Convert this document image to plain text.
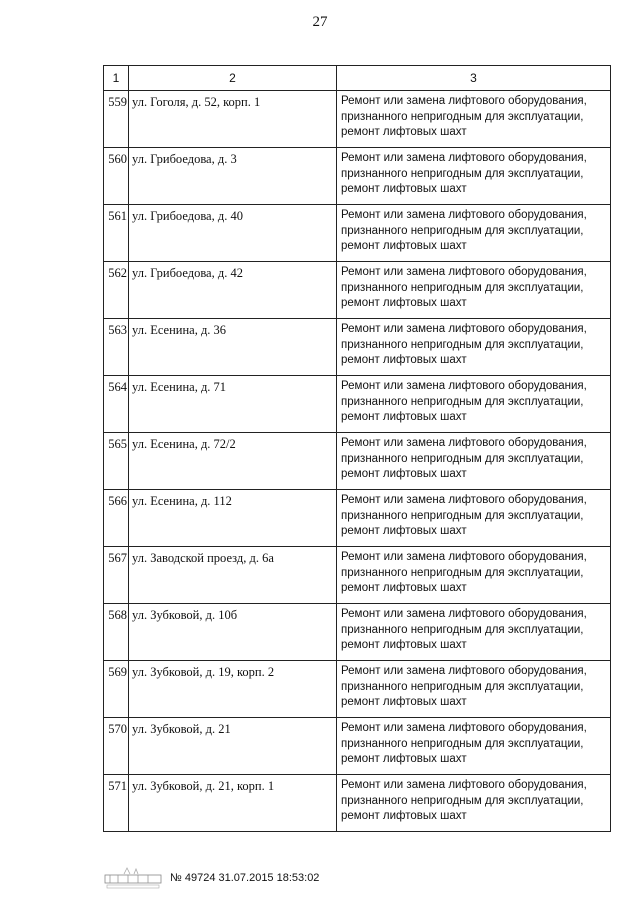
27
1	2	3
559	ул. Гоголя, д. 52, корп. 1	Ремонт или замена лифтового оборудования,
признанного непригодным для эксплуатации,
ремонт лифтовых шахт

560	ул. Грибоедова, д. 3	Ремонт или замена лифтового оборудования,
признанного непригодным для эксплуатации,
ремонт лифтовых шахт

561	ул. Грибоедова, д. 40	Ремонт или замена лифтового оборудования,
признанного непригодным для эксплуатации,
ремонт лифтовых шахт

562	ул. Грибоедова, д. 42	Ремонт или замена лифтового оборудования,
признанного непригодным для эксплуатации,
ремонт лифтовых шахт

563	ул. Есенина, д. 36	Ремонт или замена лифтового оборудования,
признанного непригодным для эксплуатации,
ремонт лифтовых шахт

564	ул. Есенина, д. 71	Ремонт или замена лифтового оборудования,
признанного непригодным для эксплуатации,
ремонт лифтовых шахт

565	ул. Есенина, д. 72/2	Ремонт или замена лифтового оборудования,
признанного непригодным для эксплуатации,
ремонт лифтовых шахт

566	ул. Есенина, д. 112	Ремонт или замена лифтового оборудования,
признанного непригодным для эксплуатации,
ремонт лифтовых шахт

567	ул. Заводской проезд, д. 6а	Ремонт или замена лифтового оборудования,
признанного непригодным для эксплуатации,
ремонт лифтовых шахт

568	ул. Зубковой, д. 10б	Ремонт или замена лифтового оборудования,
признанного непригодным для эксплуатации,
ремонт лифтовых шахт

569	ул. Зубковой, д. 19, корп. 2	Ремонт или замена лифтового оборудования,
признанного непригодным для эксплуатации,
ремонт лифтовых шахт

570	ул. Зубковой, д. 21	Ремонт или замена лифтового оборудования,
признанного непригодным для эксплуатации,
ремонт лифтовых шахт

571	ул. Зубковой, д. 21, корп. 1	Ремонт или замена лифтового оборудования,
признанного непригодным для эксплуатации,
ремонт лифтовых шахт
№ 49724 31.07.2015 18:53:02
